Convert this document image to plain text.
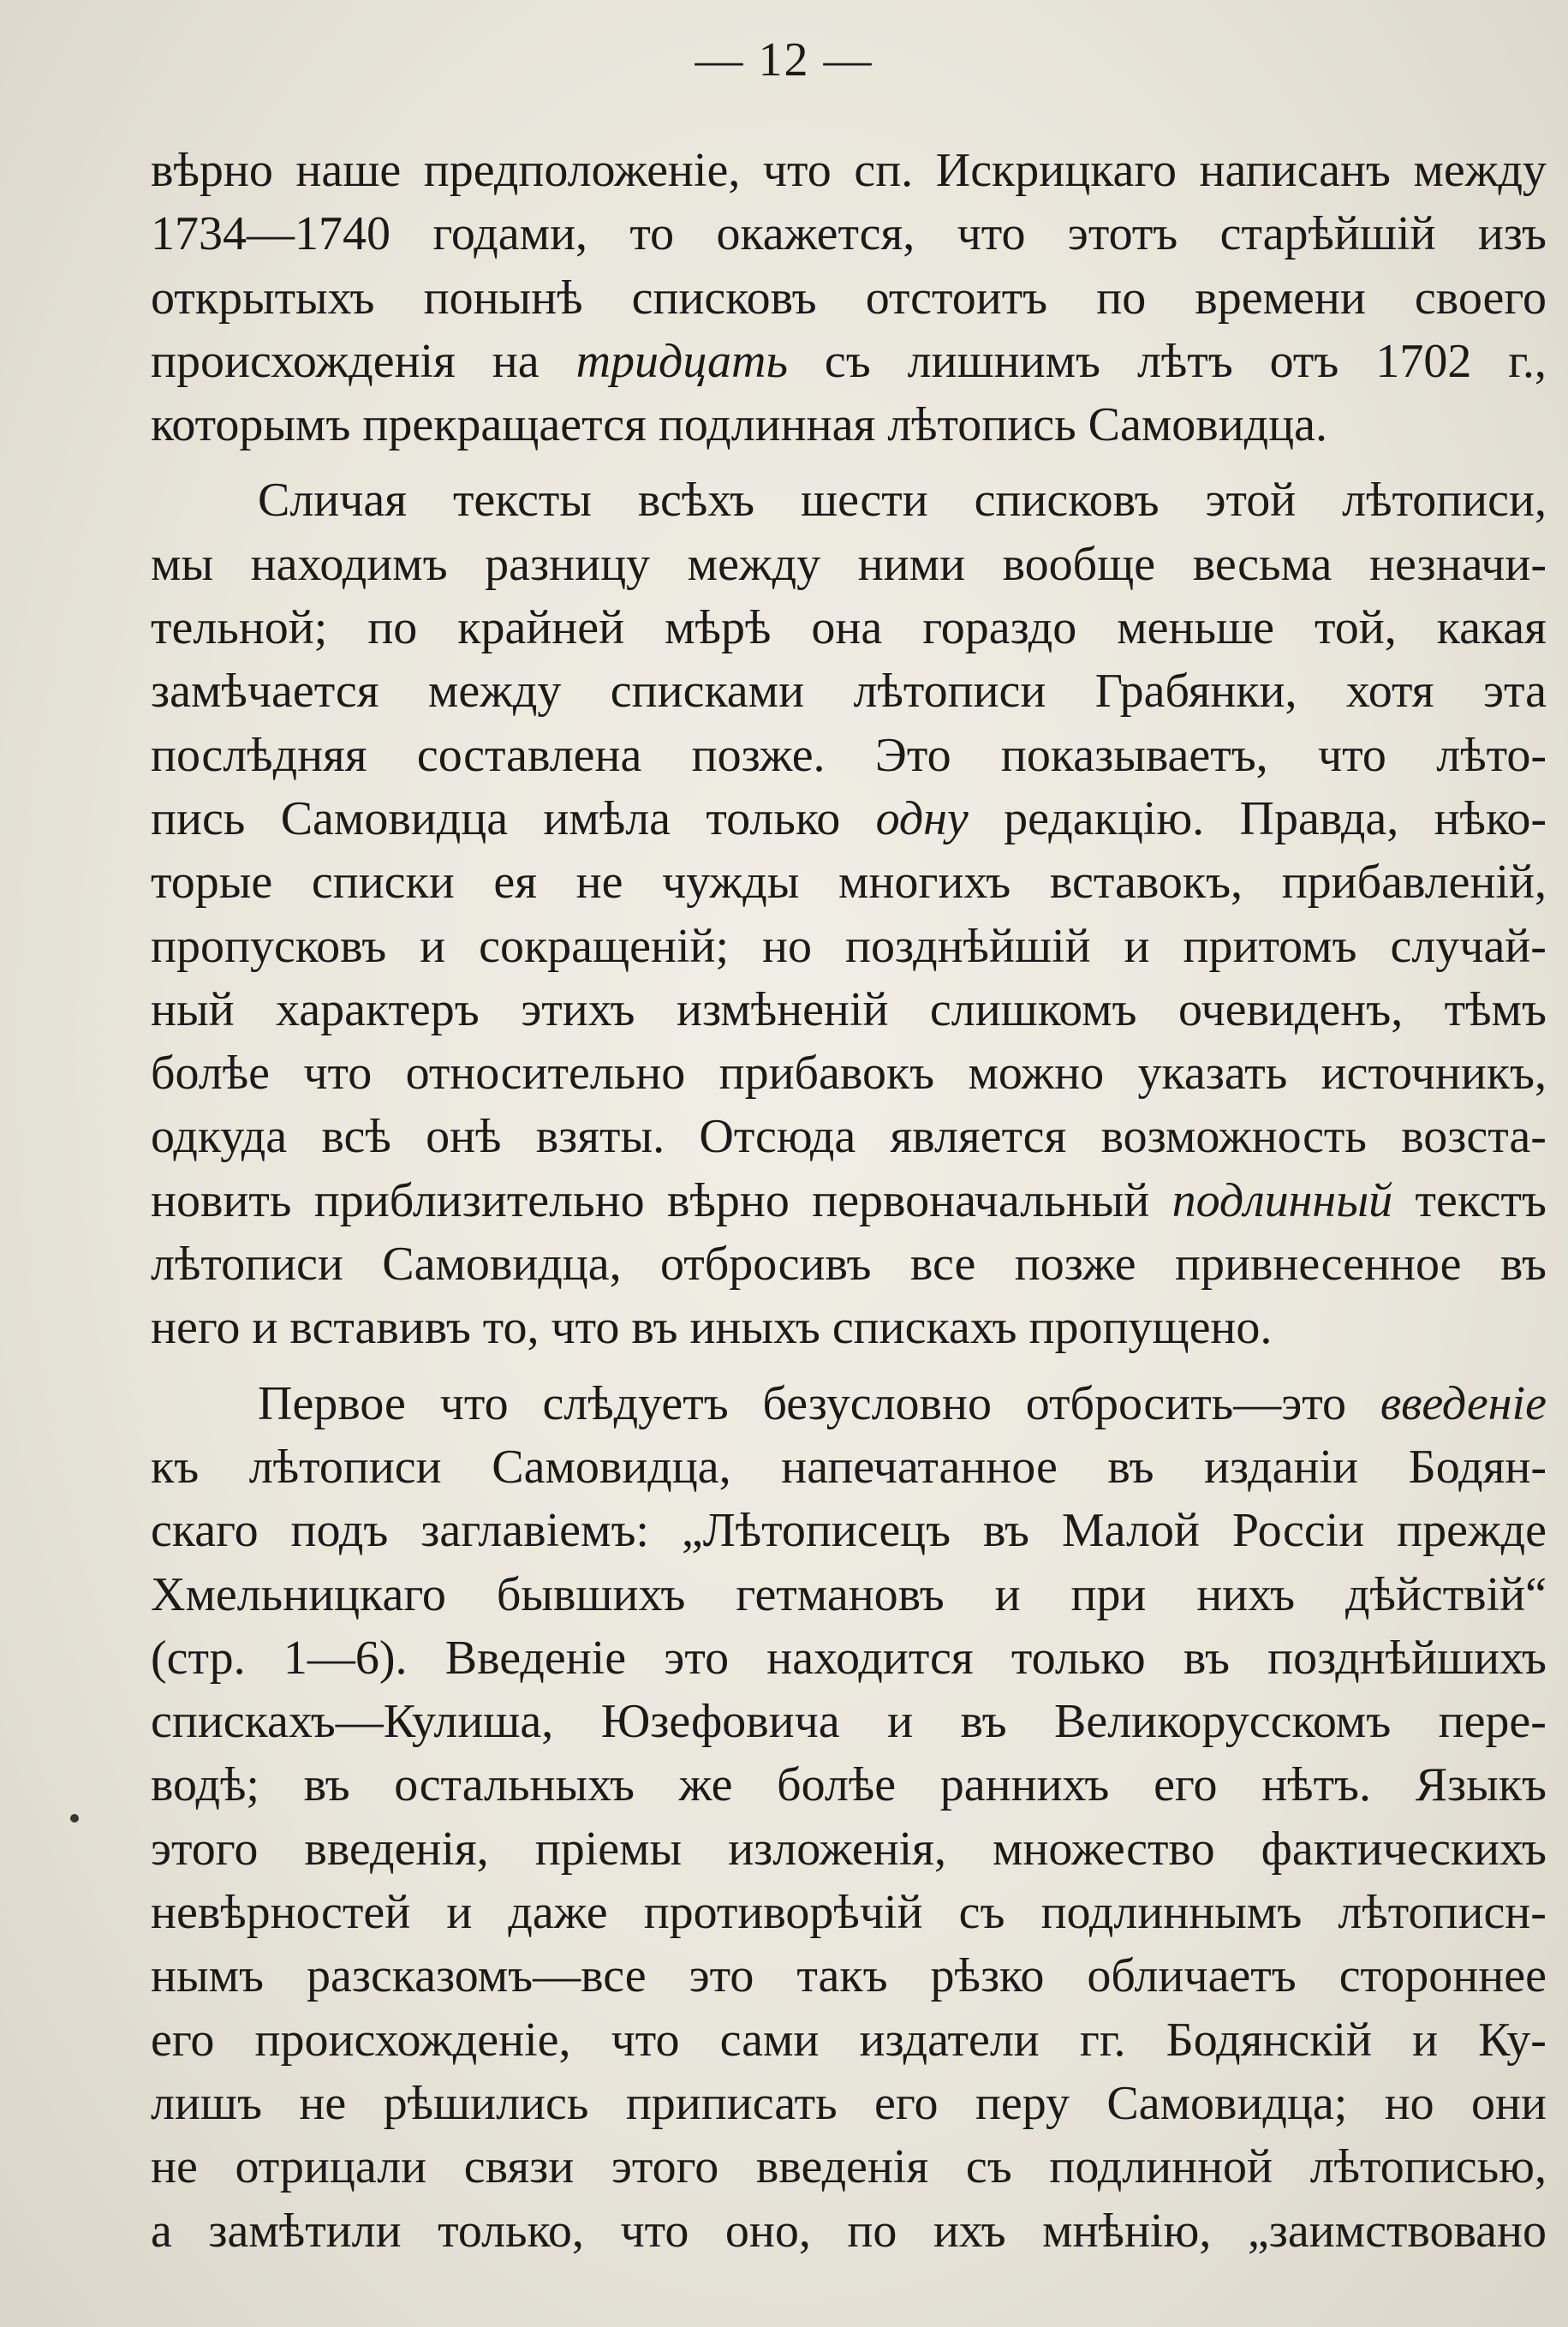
— 12 —
вѣрно наше предположеніе, что сп. Искрицкаго написанъ между
1734—1740 годами, то окажется, что этотъ старѣйшій изъ
открытыхъ понынѣ списковъ отстоитъ по времени своего
происхожденія на тридцать съ лишнимъ лѣтъ отъ 1702 г.,
которымъ прекращается подлинная лѣтопись Самовидца.
Сличая тексты всѣхъ шести списковъ этой лѣтописи,
мы находимъ разницу между ними вообще весьма незначи-
тельной; по крайней мѣрѣ она гораздо меньше той, какая
замѣчается между списками лѣтописи Грабянки, хотя эта
послѣдняя составлена позже. Это показываетъ, что лѣто-
пись Самовидца имѣла только одну редакцію. Правда, нѣко-
торые списки ея не чужды многихъ вставокъ, прибавленій,
пропусковъ и сокращеній; но позднѣйшій и притомъ случай-
ный характеръ этихъ измѣненій слишкомъ очевиденъ, тѣмъ
болѣе что относительно прибавокъ можно указать источникъ,
одкуда всѣ онѣ взяты. Отсюда является возможность возста-
новить приблизительно вѣрно первоначальный подлинный текстъ
лѣтописи Самовидца, отбросивъ все позже привнесенное въ
него и вставивъ то, что въ иныхъ спискахъ пропущено.
Первое что слѣдуетъ безусловно отбросить—это введеніе
къ лѣтописи Самовидца, напечатанное въ изданіи Бодян-
скаго подъ заглавіемъ: „Лѣтописецъ въ Малой Россіи прежде
Хмельницкаго бывшихъ гетмановъ и при нихъ дѣйствій“
(стр. 1—6). Введеніе это находится только въ позднѣйшихъ
спискахъ—Кулиша, Юзефовича и въ Великорусскомъ пере-
водѣ; въ остальныхъ же болѣе раннихъ его нѣтъ. Языкъ
этого введенія, пріемы изложенія, множество фактическихъ
невѣрностей и даже противорѣчій съ подлиннымъ лѣтописн-
нымъ разсказомъ—все это такъ рѣзко обличаетъ стороннее
его происхожденіе, что сами издатели гг. Бодянскій и Ку-
лишъ не рѣшились приписать его перу Самовидца; но они
не отрицали связи этого введенія съ подлинной лѣтописью,
а замѣтили только, что оно, по ихъ мнѣнію, „заимствовано
